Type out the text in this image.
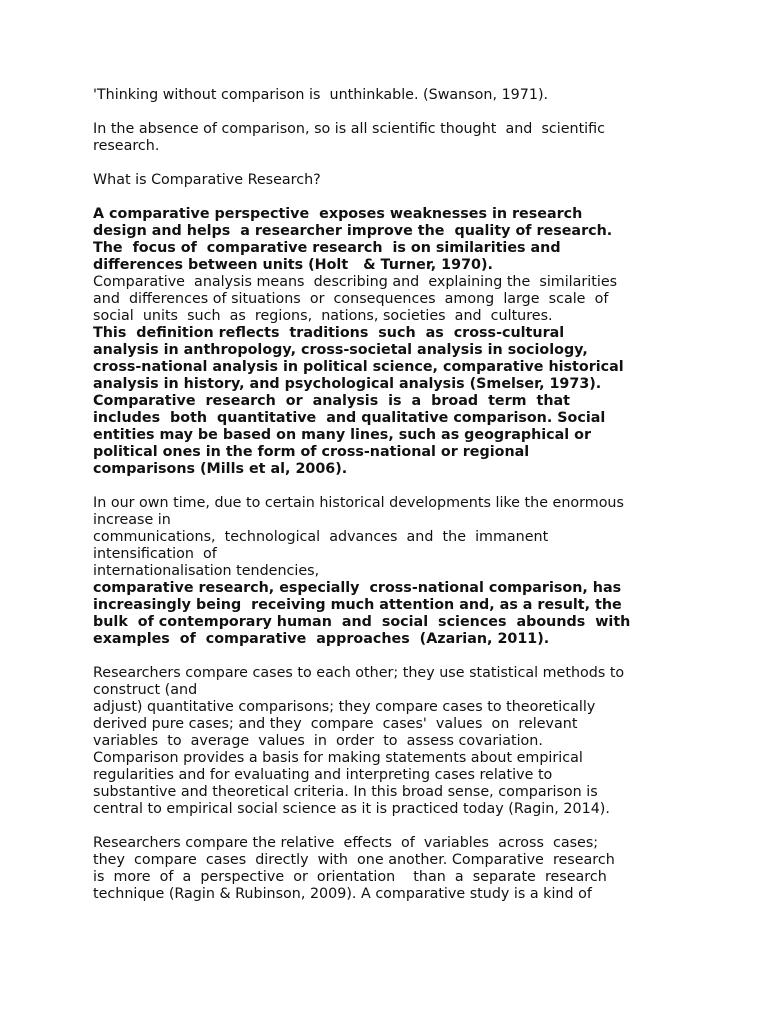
'Thinking without comparison is  unthinkable. (Swanson, 1971).
In the absence of comparison, so is all scientific thought  and  scientific
research.
What is Comparative Research?
A comparative perspective  exposes weaknesses in research
design and helps  a researcher improve the  quality of research.
The  focus of  comparative research  is on similarities and
differences between units (Holt   & Turner, 1970).
Comparative  analysis means  describing and  explaining the  similarities
and  differences of situations  or  consequences  among  large  scale  of
social  units  such  as  regions,  nations, societies  and  cultures.
This  definition reflects  traditions  such  as  cross-cultural
analysis in anthropology, cross-societal analysis in sociology,
cross-national analysis in political science, comparative historical
analysis in history, and psychological analysis (Smelser, 1973).
Comparative  research  or  analysis  is  a  broad  term  that
includes  both  quantitative  and qualitative comparison. Social
entities may be based on many lines, such as geographical or
political ones in the form of cross-national or regional
comparisons (Mills et al, 2006).
In our own time, due to certain historical developments like the enormous
increase in
communications,  technological  advances  and  the  immanent
intensification  of
internationalisation tendencies,
comparative research, especially  cross-national comparison, has
increasingly being  receiving much attention and, as a result, the
bulk  of contemporary human  and  social  sciences  abounds  with
examples  of  comparative  approaches  (Azarian, 2011).
Researchers compare cases to each other; they use statistical methods to
construct (and
adjust) quantitative comparisons; they compare cases to theoretically
derived pure cases; and they  compare  cases'  values  on  relevant
variables  to  average  values  in  order  to  assess covariation.
Comparison provides a basis for making statements about empirical
regularities and for evaluating and interpreting cases relative to
substantive and theoretical criteria. In this broad sense, comparison is
central to empirical social science as it is practiced today (Ragin, 2014).
Researchers compare the relative  effects  of  variables  across  cases;
they  compare  cases  directly  with  one another. Comparative  research
is  more  of  a  perspective  or  orientation    than  a  separate  research
technique (Ragin & Rubinson, 2009). A comparative study is a kind of
